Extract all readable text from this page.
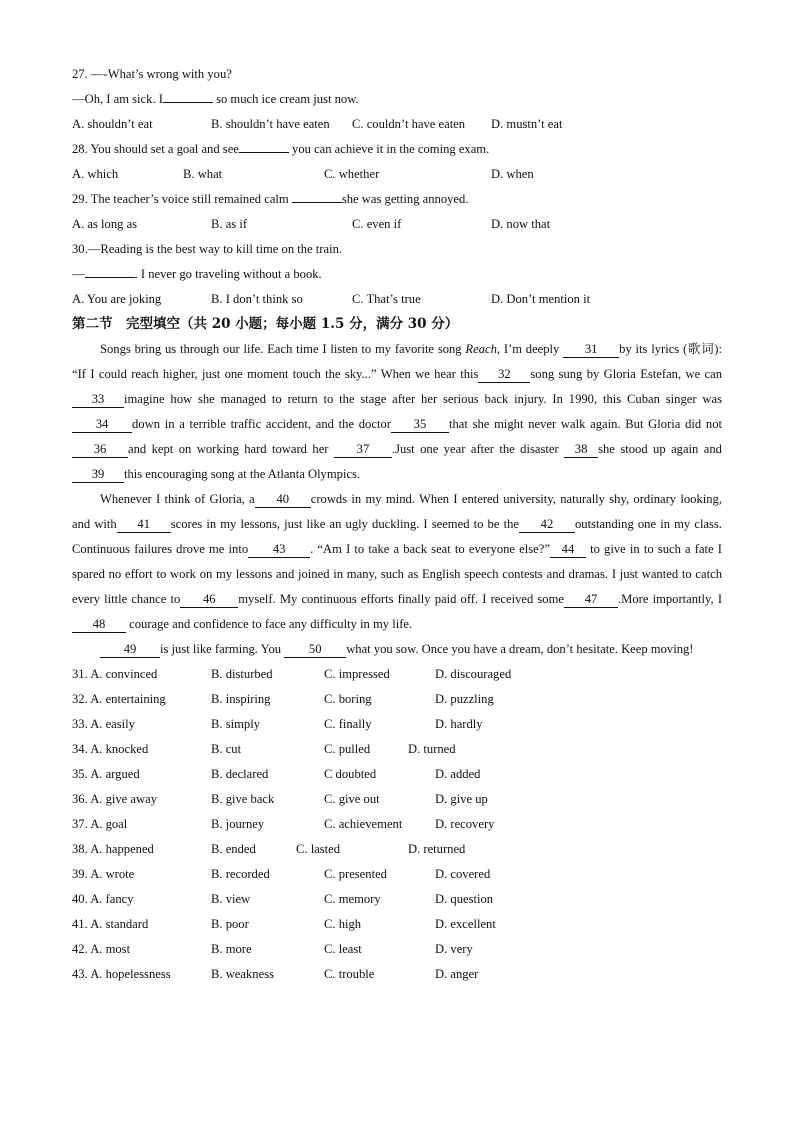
27. —-What’s wrong with you?
—Oh, I am sick. I	so much ice cream just now.
A. shouldn’t eat	B. shouldn’t have eaten C. couldn’t have eaten D. mustn’t eat
28. You should set a goal and see	you can achieve it in the coming exam.
A. which	B. what	C. whether	D. when
29. The teacher’s voice still remained calm	she was getting annoyed.
A. as long as	B. as if	C. even if	D. now that
30.—Reading is the best way to kill time on the train.
—	. I never go traveling without a book.
A. You are joking	B. I don’t think so	C. That’s true	D. Don’t mention it
第二节　完型填空（共 20 小题；每小题 1.5 分，满分 30 分）

Songs bring us through our life. Each time I listen to my favorite song Reach, I’m deeply 31 by its lyrics (歌词): “If I could reach higher, just one moment touch the sky...” When we hear this 32 song sung by Gloria Estefan, we can33 imagine how she managed to return to the stage after her serious back injury. In 1990, this Cuban singer was34 down in a terrible traffic accident, and the doctor 35 that she might never walk again. But Gloria did not36 and kept on working hard toward her 37 .Just one year after the disaster 38 she stood up again and39 this encouraging song at the Atlanta Olympics.

Whenever I think of Gloria, a 40 crowds in my mind. When I entered university, naturally shy, ordinary looking, and with 41 scores in my lessons, just like an ugly duckling. I seemed to be the 42 outstanding one in my class. Continuous failures drove me into 43 . “Am I to take a back seat to everyone else?” 44 to give in to such a fate I spared no effort to work on my lessons and joined in many, such as English speech contests and dramas. I just wanted to catch every little chance to 46 myself. My continuous efforts finally paid off. I received some 47 .More importantly, I48 courage and confidence to face any difficulty in my life.

49 is just like farming. You 50 what you sow. Once you have a dream, don’t hesitate. Keep moving!

31. A. convinced	B. disturbed	C. impressed	D. discouraged
32. A. entertaining	B. inspiring	C. boring	D. puzzling
33. A. easily	B. simply	C. finally	D. hardly
34. A. knocked	B. cut	C. pulled	D. turned
35. A. argued	B. declared	C doubted	D. added
36. A. give away	B. give back	C. give out	D. give up
37. A. goal	B. journey	C. achievement	D. recovery
38. A. happened	B. ended	C. lasted	D. returned
39. A. wrote	B. recorded	C. presented	D. covered
40. A. fancy	B. view	C. memory	D. question
41. A. standard	B. poor	C. high	D. excellent
42. A. most	B. more	C. least	D. very
43. A. hopelessness	B. weakness	C. trouble	D. anger
